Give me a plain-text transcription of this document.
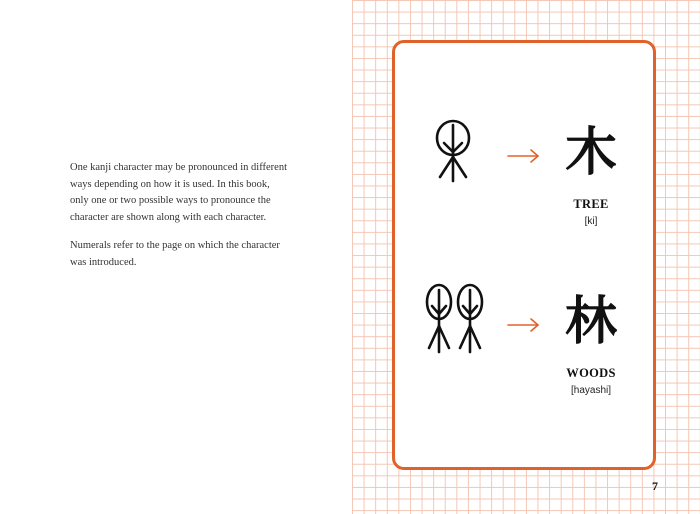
One kanji character may be pronounced in different ways depending on how it is used. In this book, only one or two possible ways to pronounce the character are shown along with each character.

Numerals refer to the page on which the character was introduced.

木
TREE
[ki]
林
WOODS
[hayashi]
7
